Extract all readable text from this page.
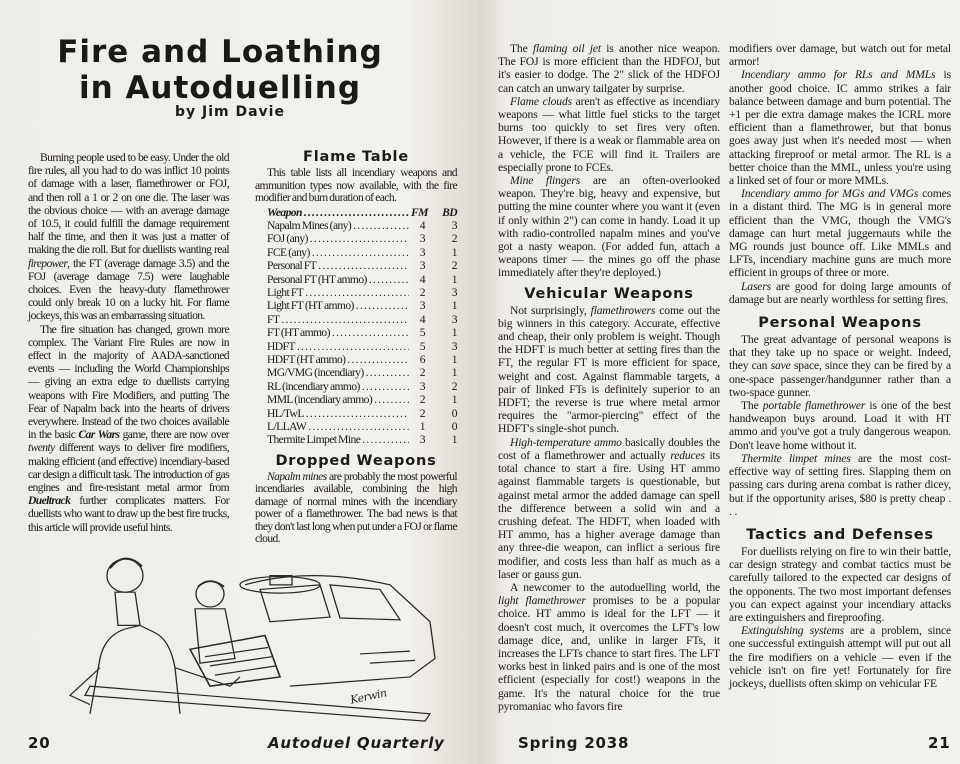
Fire and Loathing
in Autoduelling
by Jim Davie

Burning people used to be easy. Under the old fire rules, all you had to do was inflict 10 points of damage with a laser, flamethrower or FOJ, and then roll a 1 or 2 on one die. The laser was the obvious choice — with an average damage of 10.5, it could fulfill the damage requirement half the time, and then it was just a matter of making the die roll. But for duellists wanting real firepower, the FT (average damage 3.5) and the FOJ (average damage 7.5) were laughable choices. Even the heavy-duty flamethrower could only break 10 on a lucky hit. For flame jockeys, this was an embarrassing situation.

The fire situation has changed, grown more complex. The Variant Fire Rules are now in effect in the majority of AADA-sanctioned events — including the World Championships — giving an extra edge to duellists carrying weapons with Fire Modifiers, and putting The Fear of Napalm back into the hearts of drivers everywhere. Instead of the two choices available in the basic Car Wars game, there are now over twenty different ways to deliver fire modifiers, making efficient (and effective) incendiary-based car design a difficult task. The introduction of gas engines and fire-resistant metal armor from Dueltrack further complicates matters. For duellists who want to draw up the best fire trucks, this article will provide useful hints.

Flame Table

This table lists all incendiary weapons and ammunition types now available, with the fire modifier and burn duration of each.

Weapon . . .	FM	BD
Napalm Mines (any) . . .	4	3
FOJ (any) . . .	3	2
FCE (any) . . .	3	1
Personal FT . . .	3	2
Personal FT (HT ammo) . . .	4	1
Light FT . . .	2	3
Light FT (HT ammo) . . .	3	1
FT . . .	4	3
FT (HT ammo) . . .	5	1
HDFT . . .	5	3
HDFT (HT ammo) . . .	6	1
MG/VMG (incendiary) . . .	2	1
RL (incendiary ammo) . . .	3	2
MML (incendiary ammo) . . .	2	1
HL/TwL . . .	2	0
L/LLAW . . .	1	0
Thermite Limpet Mine . . .	3	1
Dropped Weapons

Napalm mines are probably the most powerful incendiaries available, combining the high damage of normal mines with the incendiary power of a flamethrower. The bad news is that they don't last long when put under a FOJ or flame cloud.

Kerwin
20	Autoduel Quarterly

The flaming oil jet is another nice weapon. The FOJ is more efficient than the HDFOJ, but it's easier to dodge. The 2" slick of the HDFOJ can catch an unwary tailgater by surprise.

Flame clouds aren't as effective as incendiary weapons — what little fuel sticks to the target burns too quickly to set fires very often. However, if there is a weak or flammable area on a vehicle, the FCE will find it. Trailers are especially prone to FCEs.

Mine flingers are an often-overlooked weapon. They're big, heavy and expensive, but putting the mine counter where you want it (even if only within 2") can come in handy. Load it up with radio-controlled napalm mines and you've got a nasty weapon. (For added fun, attach a weapons timer — the mines go off the phase immediately after they're deployed.)

Vehicular Weapons

Not surprisingly, flamethrowers come out the big winners in this category. Accurate, effective and cheap, their only problem is weight. Though the HDFT is much better at setting fires than the FT, the regular FT is more efficient for space, weight and cost. Against flammable targets, a pair of linked FTs is definitely superior to an HDFT; the reverse is true where metal armor requires the "armor-piercing" effect of the HDFT's single-shot punch.

High-temperature ammo basically doubles the cost of a flamethrower and actually reduces its total chance to start a fire. Using HT ammo against flammable targets is questionable, but against metal armor the added damage can spell the difference between a solid win and a crushing defeat. The HDFT, when loaded with HT ammo, has a higher average damage than any three-die weapon, can inflict a serious fire modifier, and costs less than half as much as a laser or gauss gun.

A newcomer to the autoduelling world, the light flamethrower promises to be a popular choice. HT ammo is ideal for the LFT — it doesn't cost much, it overcomes the LFT's low damage dice, and, unlike in larger FTs, it increases the LFTs chance to start fires. The LFT works best in linked pairs and is one of the most efficient (especially for cost!) weapons in the game. It's the natural choice for the true pyromaniac who favors fire

modifiers over damage, but watch out for metal armor!

Incendiary ammo for RLs and MMLs is another good choice. IC ammo strikes a fair balance between damage and burn potential. The +1 per die extra damage makes the ICRL more efficient than a flamethrower, but that bonus goes away just when it's needed most — when attacking fireproof or metal armor. The RL is a better choice than the MML, unless you're using a linked set of four or more MMLs.

Incendiary ammo for MGs and VMGs comes in a distant third. The MG is in general more efficient than the VMG, though the VMG's damage can hurt metal juggernauts while the MG rounds just bounce off. Like MMLs and LFTs, incendiary machine guns are much more efficient in groups of three or more.

Lasers are good for doing large amounts of damage but are nearly worthless for setting fires.

Personal Weapons

The great advantage of personal weapons is that they take up no space or weight. Indeed, they can save space, since they can be fired by a one-space passenger/handgunner rather than a two-space gunner.

The portable flamethrower is one of the best handweapon buys around. Load it with HT ammo and you've got a truly dangerous weapon. Don't leave home without it.

Thermite limpet mines are the most cost-effective way of setting fires. Slapping them on passing cars during arena combat is rather dicey, but if the opportunity arises, $80 is pretty cheap . . .

Tactics and Defenses

For duellists relying on fire to win their battle, car design strategy and combat tactics must be carefully tailored to the expected car designs of the opponents. The two most important defenses you can expect against your incendiary attacks are extinguishers and fireproofing.

Extinguishing systems are a problem, since one successful extinguish attempt will put out all the fire modifiers on a vehicle — even if the vehicle isn't on fire yet! Fortunately for fire jockeys, duellists often skimp on vehicular FE

Spring 2038	21
